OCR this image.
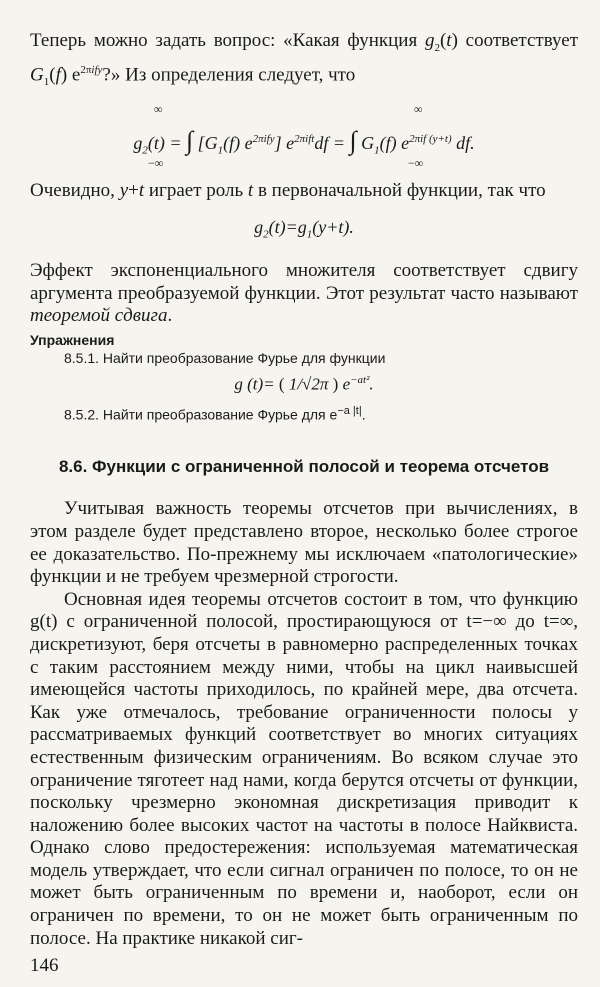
Теперь можно задать вопрос: «Какая функция $g_2(t)$ соответствует $G_1(f)$ $e^{2\pi ify}$?» Из определения следует, что

∞
−∞
∞
−∞
$g_2(t)$ = ∫ [$G_1(f)$ $e^{2\pi ify}$] $e^{2\pi ift}df$ = ∫ $G_1(f)$ $e^{2\pi if (y+t)}$ df.

Очевидно, y+t играет роль t в первоначальной функции, так что

$g_2(t)=g_1(y+t)$.

Эффект экспоненциального множителя соответствует сдвигу аргумента преобразуемой функции. Этот результат часто называют теоремой сдвига.

Упражнения
8.5.1. Найти преобразование Фурье для функции
g (t)= ( 1/√2π ) $e^{-at^2}$.
8.5.2. Найти преобразование Фурье для $e^{-a |t|}$.
8.6. Функции с ограниченной полосой и теорема отсчетов

Учитывая важность теоремы отсчетов при вычислениях, в этом разделе будет представлено второе, несколько более строгое ее доказательство. По-прежнему мы исключаем «патологические» функции и не требуем чрезмерной строгости.

Основная идея теоремы отсчетов состоит в том, что функцию g(t) с ограниченной полосой, простирающуюся от t=−∞ до t=∞, дискретизуют, беря отсчеты в равномерно распределенных точках с таким расстоянием между ними, чтобы на цикл наивысшей имеющейся частоты приходилось, по крайней мере, два отсчета. Как уже отмечалось, требование ограниченности полосы у рассматриваемых функций соответствует во многих ситуациях естественным физическим ограничениям. Во всяком случае это ограничение тяготеет над нами, когда берутся отсчеты от функции, поскольку чрезмерно экономная дискретизация приводит к наложению более высоких частот на частоты в полосе Найквиста. Однако слово предостережения: используемая математическая модель утверждает, что если сигнал ограничен по полосе, то он не может быть ограниченным по времени и, наоборот, если он ограничен по времени, то он не может быть ограниченным по полосе. На практике никакой сиг-

146
